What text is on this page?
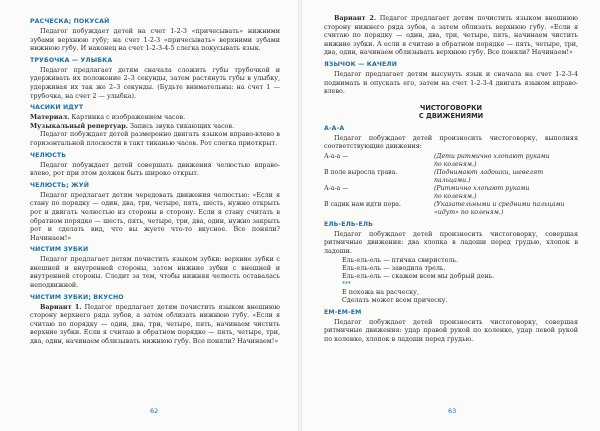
РАСЧЕСКА; ПОКУСАЙ

Педагог побуждает детей на счет 1-2-3 «причесывать» нижними зубами верхнюю губу; на счет 1-2-3 «причесывать» верхними зубами нижнюю губу. И наконец на счет 1-2-3-4-5 слегка покусывать язык.

ТРУБОЧКА — УЛЫБКА

Педагог предлагает детям сначала сложить губы трубочкой и удерживать их положение 2–3 секунды, затем растянуть губы в улыбку, удерживая их так же 2–3 секунды. (Будьте внимательны: на счет 1 — трубочка, на счет 2 — улыбка).

ЧАСИКИ ИДУТ

Материал. Картинка с изображением часов.

Музыкальный репертуар. Запись звука тикающих часов.

Педагог побуждает детей размеренно двигать языком вправо-влево в горизонтальной плоскости в такт тиканью часов. Рот слегка приоткрыт.

ЧЕЛЮСТЬ

Педагог побуждает детей совершать движения челюстью вправо-влево, рот при этом должен быть широко открыт.

ЧЕЛЮСТЬ; ЖУЙ

Педагог предлагает детям чередовать движения челюстью: «Если я стану по порядку — один, два, три, четыре, пять, шесть, нужно открыть рот и двигать челюстью из стороны в сторону. Если я стану считать в обратном порядке — шесть, пять, четыре, три, два, один, нужно закрыть рот и сделать вид, что вы жуете что-то вкусное. Все поняли? Начинаем!»

ЧИСТИМ ЗУБКИ

Педагог предлагает детям почистить языком зубки: верхние зубки с внешней и внутренней стороны, затем нижние зубки с внешней и внутренней стороны. Следит за тем, чтобы нижняя челюсть оставалась неподвижной.

ЧИСТИМ ЗУБКИ; ВКУСНО

Вариант 1. Педагог предлагает детям почистить языком внешнюю сторону верхнего ряда зубов, а затем облизать нижнюю губу. «Если я считаю по порядку — один, два, три, четыре, пять, начинаем чистить верхние зубки. Если я считаю в обратном порядке — пять, четыре, три, два, один, начинаем облизывать нижнюю губу. Все поняли? Начинаем!»

62

Вариант 2. Педагог предлагает детям почистить языком внешнюю сторону нижнего ряда зубов, а затем облизать верхнюю губу. «Если я считаю по порядку — один, два, три, четыре, пять, начинаем чистить нижние зубки. А если я считаю в обратном порядке — пять, четыре, три, два, один, начинаем облизывать верхнюю губу. Все поняли? Начинаем!»

ЯЗЫЧОК — КАЧЕЛИ

Педагог предлагает детям высунуть язык и сначала на счет 1-2-3-4 поднимать и опускать его, затем на счет 1-2-3-4 двигать языком вправо-влево.

ЧИСТОГОВОРКИ
С ДВИЖЕНИЯМИ
А-А-А

Педагог побуждает детей произносить чистоговорку, выполняя соответствующие движения:

А-а-а —	(Дети ритмично хлопают руками
по коленям.)
В поле выросла трава.	(Поднимают ладошки, шевелят пальцами.)
А-а-а —	(Ритмично хлопают руками
по коленям.)
В садик нам идти пора.	(Указательными и средними пальцами
«идут» по коленям.)
ЕЛЬ-ЕЛЬ-ЕЛЬ

Педагог побуждает детей произносить чистоговорку, совершая ритмичные движения: два хлопка в ладоши перед грудью, хлопок в ладоши.

Ель-ель-ель — птичка свиристель.
Ель-ель-ель — заводила трель.
Ель-ель-ель — скажем всем мы добрый день.
***
Е похожа на расческу,
Сделать может всем прическу.
ЕМ-ЕМ-ЕМ

Педагог побуждает детей произносить чистоговорку, совершая ритмичные движения: удар правой рукой по коленке, удар левой рукой по коленке, хлопок в ладоши перед грудью.

63
